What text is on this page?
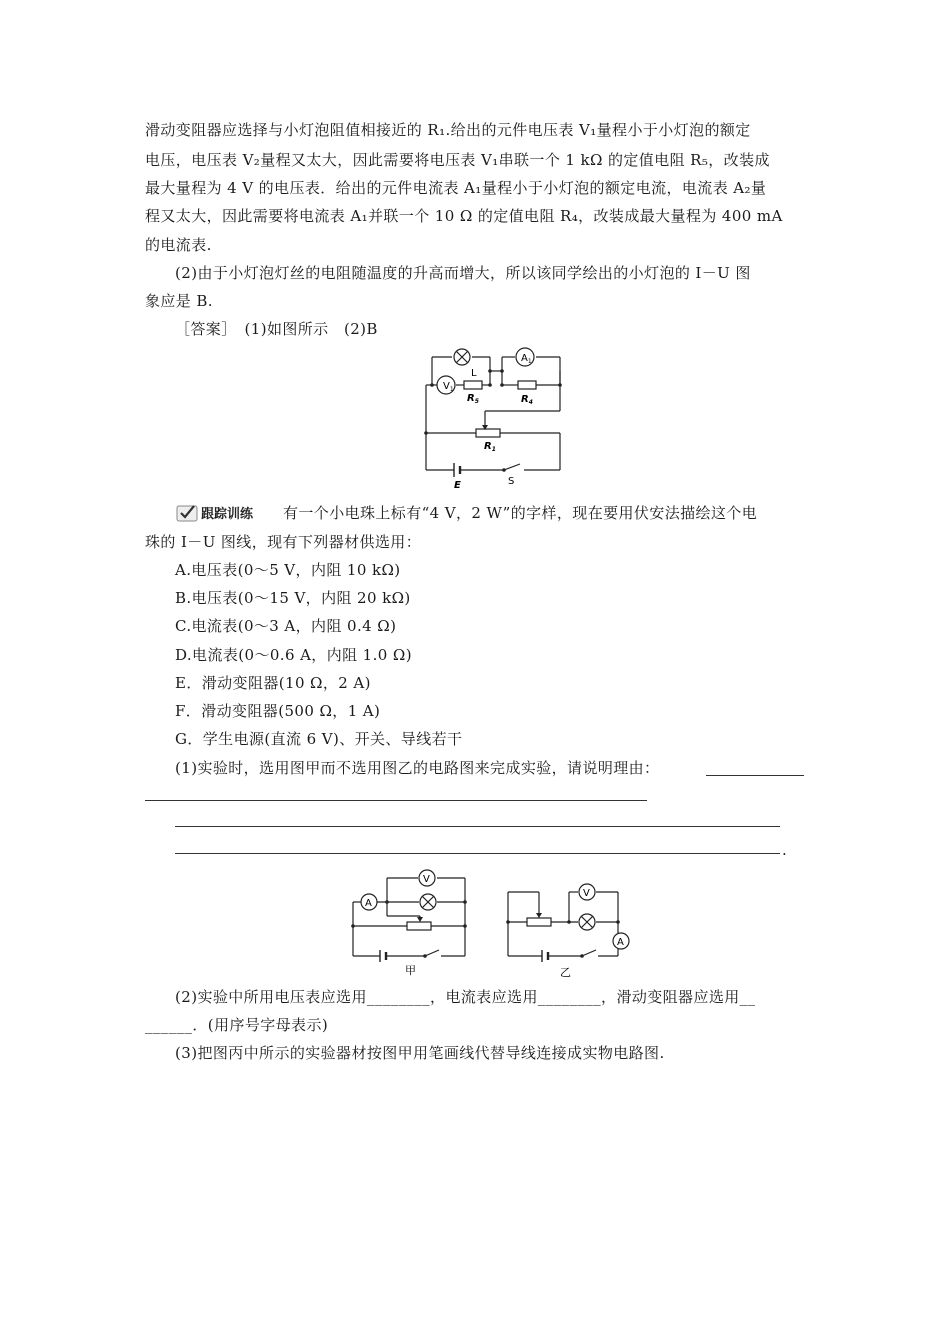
滑动变阻器应选择与小灯泡阻值相接近的 R₁.给出的元件电压表 V₁量程小于小灯泡的额定
电压，电压表 V₂量程又太大，因此需要将电压表 V₁串联一个 1 kΩ 的定值电阻 R₅，改装成
最大量程为 4 V 的电压表．给出的元件电流表 A₁量程小于小灯泡的额定电流，电流表 A₂量
程又太大，因此需要将电流表 A₁并联一个 10 Ω 的定值电阻 R₄，改装成最大量程为 400 mA
的电流表.
(2)由于小灯泡灯丝的电阻随温度的升高而增大，所以该同学绘出的小灯泡的 I－U 图
象应是 B.
［答案］　(1)如图所示　(2)B
$V_1$
$A_1$
L
$R_5$	$R_4$
$R_1$
E	S
跟踪训练 有一个小电珠上标有“4 V，2 W”的字样，现在要用伏安法描绘这个电
珠的 I－U 图线，现有下列器材供选用：
A.电压表(0～5 V，内阻 10 kΩ)
B.电压表(0～15 V，内阻 20 kΩ)
C.电流表(0～3 A，内阻 0.4 Ω)
D.电流表(0～0.6 A，内阻 1.0 Ω)
E．滑动变阻器(10 Ω，2 A)
F．滑动变阻器(500 Ω，1 A)
G．学生电源(直流 6 V)、开关、导线若干
(1)实验时，选用图甲而不选用图乙的电路图来完成实验，请说明理由：
.
V
A
甲
V
A
乙
(2)实验中所用电压表应选用________，电流表应选用________，滑动变阻器应选用__
______．(用序号字母表示)
(3)把图丙中所示的实验器材按图甲用笔画线代替导线连接成实物电路图.
